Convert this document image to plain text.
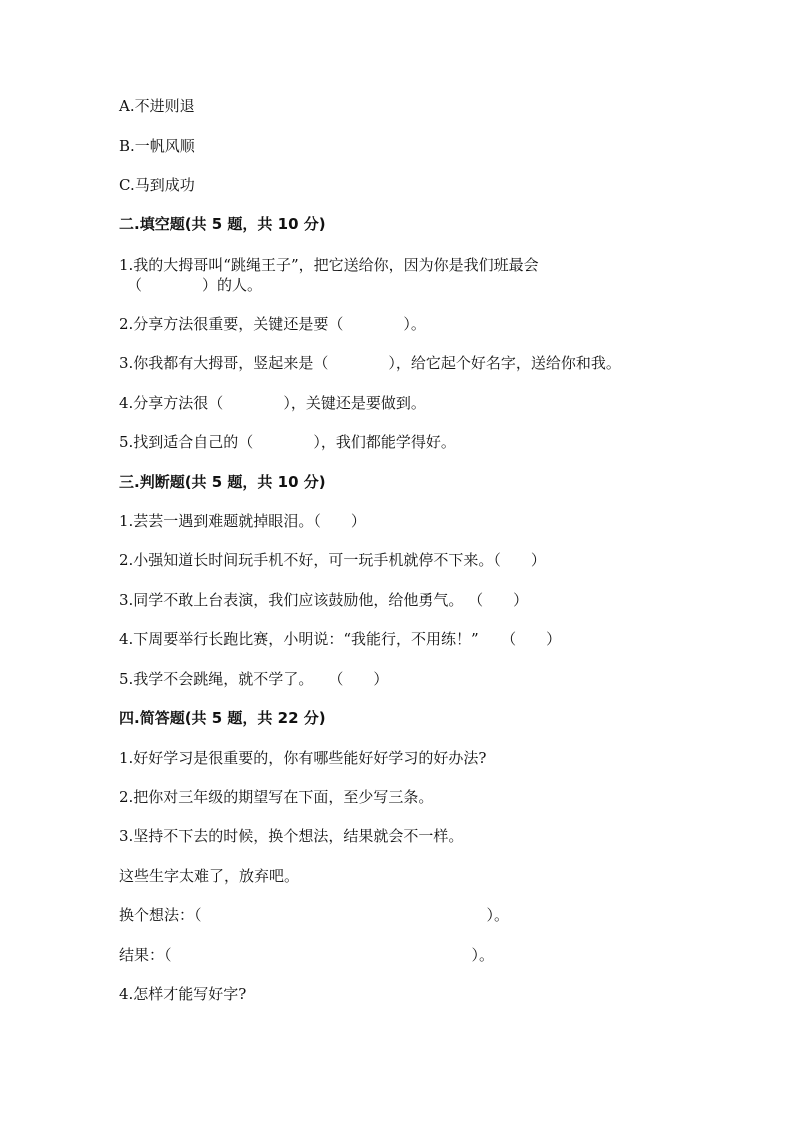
A.不进则退

B.一帆风顺

C.马到成功

二.填空题(共 5 题，共 10 分)

1.我的大拇哥叫“跳绳王子”，把它送给你，因为你是我们班最会

（　　　　）的人。

2.分享方法很重要，关键还是要（　　　　）。

3.你我都有大拇哥，竖起来是（　　　　），给它起个好名字，送给你和我。

4.分享方法很（　　　　），关键还是要做到。

5.找到适合自己的（　　　　），我们都能学得好。

三.判断题(共 5 题，共 10 分)

1.芸芸一遇到难题就掉眼泪。（　　）

2.小强知道长时间玩手机不好，可一玩手机就停不下来。（　　）

3.同学不敢上台表演，我们应该鼓励他，给他勇气。 （　　）

4.下周要举行长跑比赛，小明说：“我能行，不用练！”　　（　　）

5.我学不会跳绳，就不学了。　　（　　）

四.简答题(共 5 题，共 22 分)

1.好好学习是很重要的，你有哪些能好好学习的好办法?

2.把你对三年级的期望写在下面，至少写三条。

3.坚持不下去的时候，换个想法，结果就会不一样。

这些生字太难了，放弃吧。

换个想法：（　　　　　　　　　　　　　　　　　　　）。

结果：（　　　　　　　　　　　　　　　　　　　　）。

4.怎样才能写好字?
